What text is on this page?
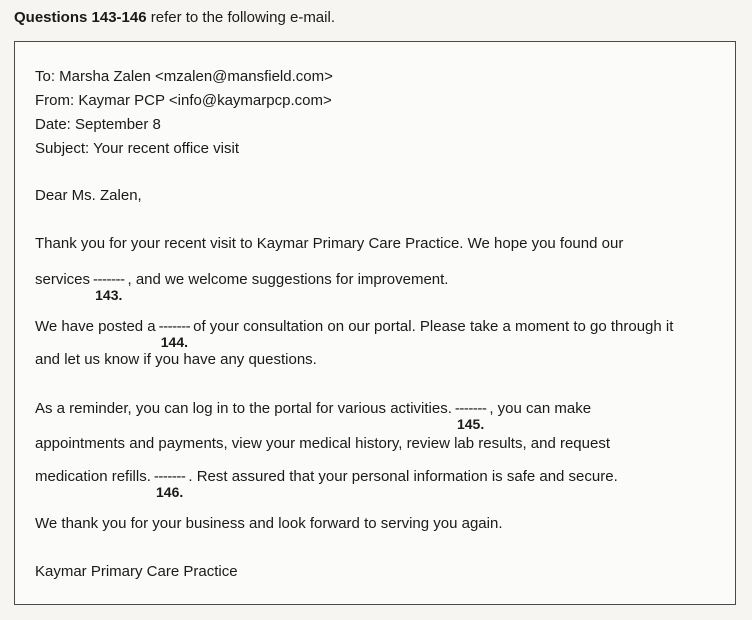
Questions 143-146 refer to the following e-mail.
To: Marsha Zalen <mzalen@mansfield.com>
From: Kaymar PCP <info@kaymarpcp.com>
Date: September 8
Subject: Your recent office visit
Dear Ms. Zalen,
Thank you for your recent visit to Kaymar Primary Care Practice. We hope you found our
services -------
143.
, and we welcome suggestions for improvement.
We have posted a -------
144.
of your consultation on our portal. Please take a moment to go through it
and let us know if you have any questions.
As a reminder, you can log in to the portal for various activities. -------
145.
, you can make
appointments and payments, view your medical history, review lab results, and request
medication refills. -------
146.
. Rest assured that your personal information is safe and secure.
We thank you for your business and look forward to serving you again.
Kaymar Primary Care Practice
